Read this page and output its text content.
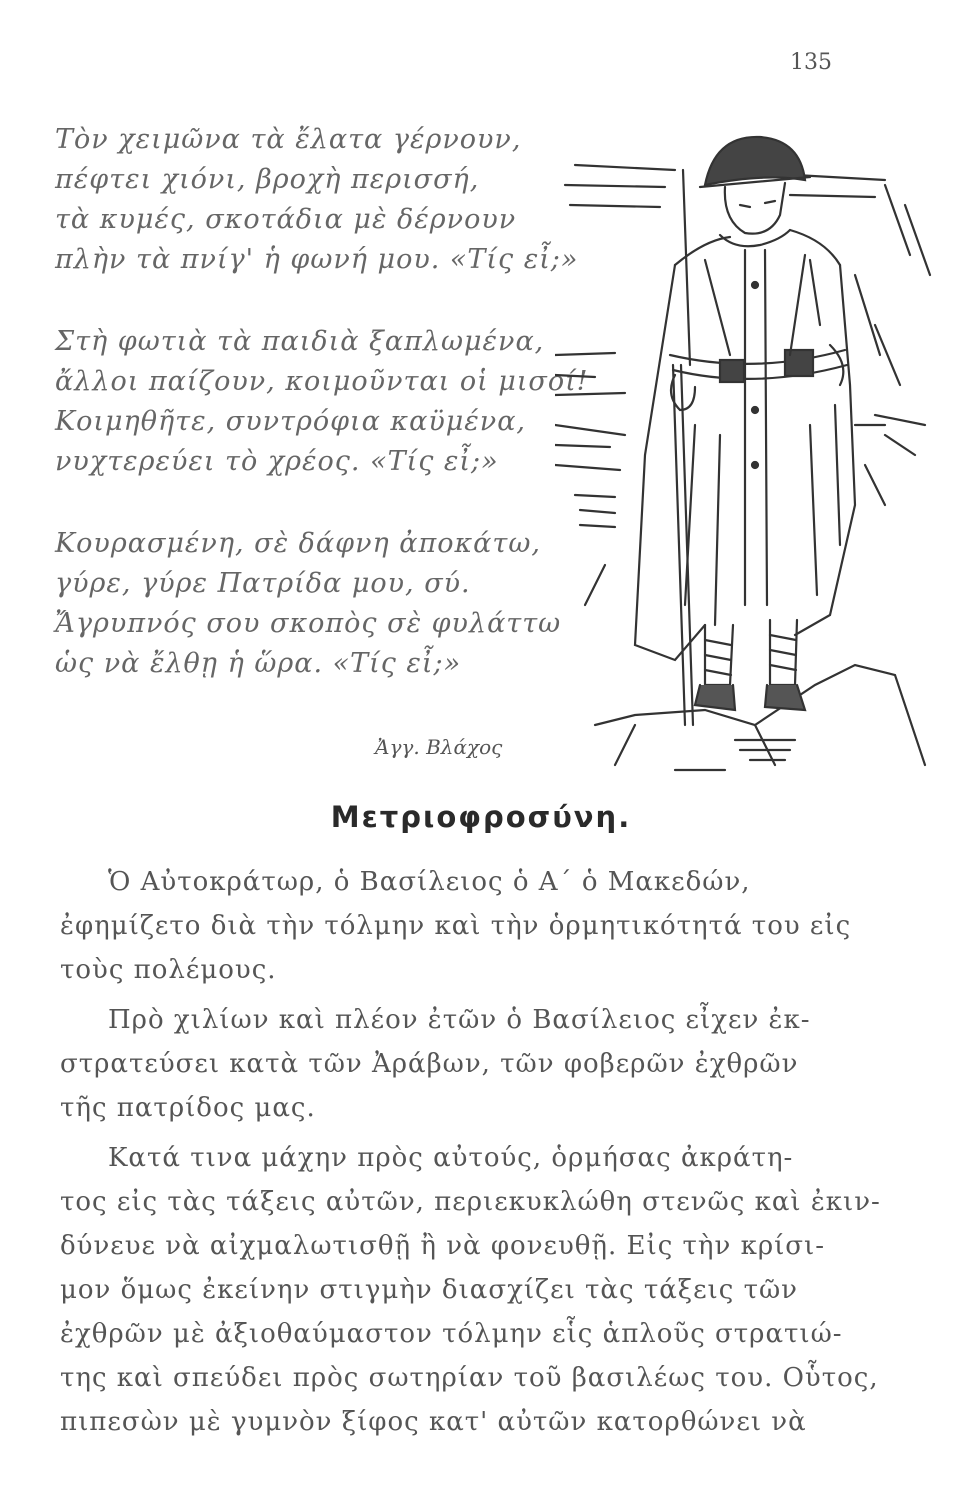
135
Τὸν χειμῶνα τὰ ἔλατα γέρνουν,
πέφτει χιόνι, βροχὴ περισσή,
τὰ κυμές, σκοτάδια μὲ δέρνουν
πλὴν τὰ πνίγ' ἡ φωνή μου. «Τίς εἶ;»
Στὴ φωτιὰ τὰ παιδιὰ ξαπλωμένα,
ἄλλοι παίζουν, κοιμοῦνται οἱ μισοί!
Κοιμηθῆτε, συντρόφια καϋμένα,
νυχτερεύει τὸ χρέος. «Τίς εἶ;»
Κουρασμένη, σὲ δάφνη ἀποκάτω,
γύρε, γύρε Πατρίδα μου, σύ.
Ἄγρυπνός σου σκοπὸς σὲ φυλάττω
ὡς νὰ ἔλθῃ ἡ ὥρα. «Τίς εἶ;»
Ἀγγ. Βλάχος
Μετριοφροσύνη.

Ὁ Αὐτοκράτωρ, ὁ Βασίλειος ὁ Α΄ ὁ Μακεδών,
ἐφημίζετο διὰ τὴν τόλμην καὶ τὴν ὁρμητικότητά του εἰς
τοὺς πολέμους.

Πρὸ χιλίων καὶ πλέον ἐτῶν ὁ Βασίλειος εἶχεν ἐκ-
στρατεύσει κατὰ τῶν Ἀράβων, τῶν φοβερῶν ἐχθρῶν
τῆς πατρίδος μας.

Κατά τινα μάχην πρὸς αὐτούς, ὁρμήσας ἀκράτη-
τος εἰς τὰς τάξεις αὐτῶν, περιεκυκλώθη στενῶς καὶ ἐκιν-
δύνευε νὰ αἰχμαλωτισθῇ ἢ νὰ φονευθῇ. Εἰς τὴν κρίσι-
μον ὅμως ἐκείνην στιγμὴν διασχίζει τὰς τάξεις τῶν
ἐχθρῶν μὲ ἀξιοθαύμαστον τόλμην εἷς ἁπλοῦς στρατιώ-
της καὶ σπεύδει πρὸς σωτηρίαν τοῦ βασιλέως του. Οὗτος,
πιπεσὼν μὲ γυμνὸν ξίφος κατ' αὐτῶν κατορθώνει νὰ
